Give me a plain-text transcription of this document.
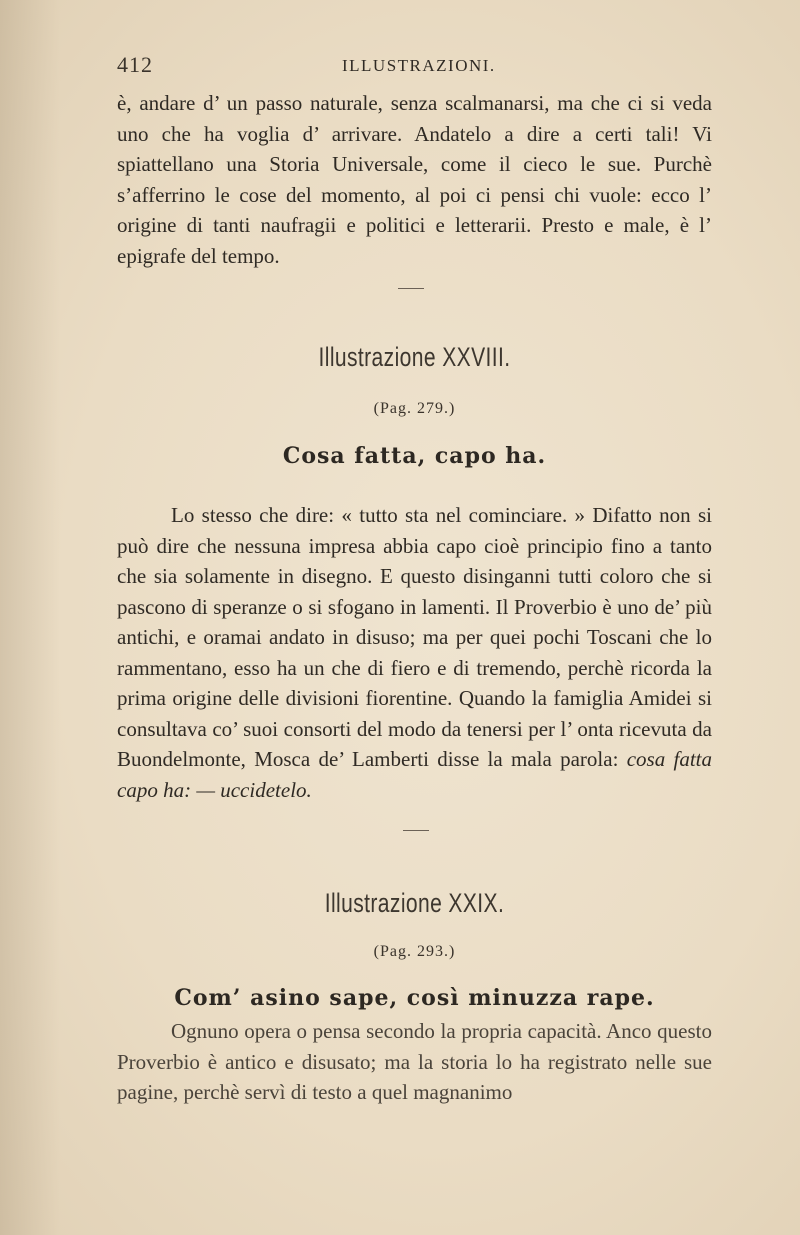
412	ILLUSTRAZIONI.

è, andare d’ un passo naturale, senza scalmanarsi, ma che ci si veda uno che ha voglia d’ arrivare. Andatelo a dire a certi tali! Vi spiattellano una Storia Universale, come il cieco le sue. Purchè s’afferrino le cose del momento, al poi ci pensi chi vuole: ecco l’ origine di tanti naufragii e politici e letterarii. Presto e male, è l’ epigrafe del tempo.

Illustrazione XXVIII.
(Pag. 279.)
Cosa fatta, capo ha.

Lo stesso che dire: « tutto sta nel cominciare. » Difatto non si può dire che nessuna impresa abbia capo cioè principio fino a tanto che sia solamente in disegno. E questo disinganni tutti coloro che si pascono di speranze o si sfogano in lamenti. Il Proverbio è uno de’ più antichi, e oramai andato in disuso; ma per quei pochi Toscani che lo rammentano, esso ha un che di fiero e di tremendo, perchè ricorda la prima origine delle divisioni fiorentine. Quando la famiglia Amidei si consultava co’ suoi consorti del modo da tenersi per l’ onta ricevuta da Buondelmonte, Mosca de’ Lamberti disse la mala parola: cosa fatta capo ha: — uccidetelo.

Illustrazione XXIX.
(Pag. 293.)
Com’ asino sape, così minuzza rape.

Ognuno opera o pensa secondo la propria capacità. Anco questo Proverbio è antico e disusato; ma la storia lo ha registrato nelle sue pagine, perchè servì di testo a quel magnanimo
